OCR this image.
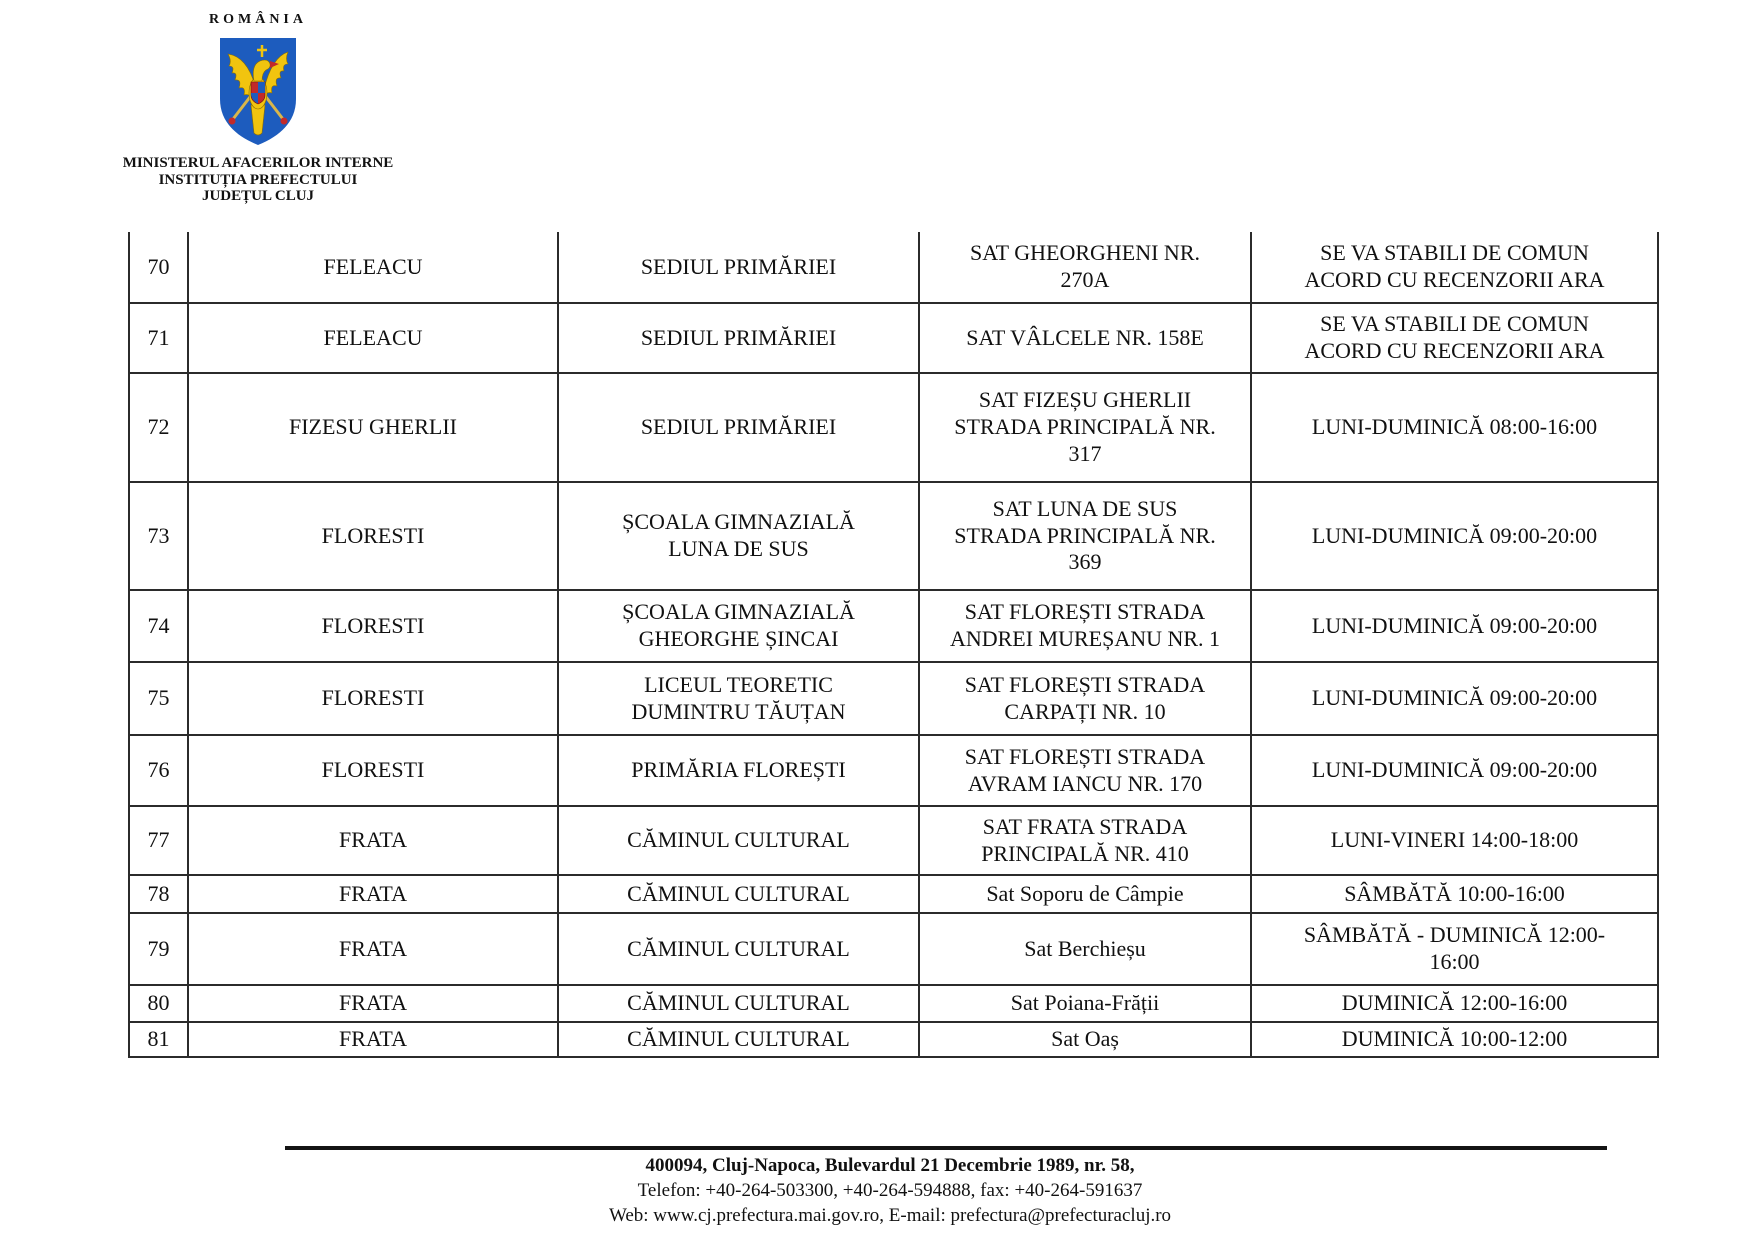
ROMÂNIA
MINISTERUL AFACERILOR INTERNE
INSTITUȚIA PREFECTULUI
JUDEȚUL CLUJ
70	FELEACU	SEDIUL PRIMĂRIEI	SAT GHEORGHENI NR. 270A	SE VA STABILI DE COMUN ACORD CU RECENZORII ARA

71	FELEACU	SEDIUL PRIMĂRIEI	SAT VÂLCELE NR. 158E	SE VA STABILI DE COMUN ACORD CU RECENZORII ARA

72	FIZESU GHERLII	SEDIUL PRIMĂRIEI	SAT FIZEȘU GHERLII STRADA PRINCIPALĂ NR. 317	LUNI-DUMINICĂ 08:00-16:00

73	FLORESTI	ȘCOALA GIMNAZIALĂ LUNA DE SUS	SAT LUNA DE SUS STRADA PRINCIPALĂ NR. 369	LUNI-DUMINICĂ 09:00-20:00

74	FLORESTI	ȘCOALA GIMNAZIALĂ GHEORGHE ȘINCAI	SAT FLOREȘTI STRADA ANDREI MUREȘANU NR. 1	LUNI-DUMINICĂ 09:00-20:00

75	FLORESTI	LICEUL TEORETIC DUMINTRU TĂUȚAN	SAT FLOREȘTI STRADA CARPAȚI NR. 10	LUNI-DUMINICĂ 09:00-20:00

76	FLORESTI	PRIMĂRIA FLOREȘTI	SAT FLOREȘTI STRADA AVRAM IANCU NR. 170	LUNI-DUMINICĂ 09:00-20:00

77	FRATA	CĂMINUL CULTURAL	SAT FRATA STRADA PRINCIPALĂ NR. 410	LUNI-VINERI 14:00-18:00

78	FRATA	CĂMINUL CULTURAL	Sat Soporu de Câmpie	SÂMBĂTĂ 10:00-16:00

79	FRATA	CĂMINUL CULTURAL	Sat Berchieșu	SÂMBĂTĂ - DUMINICĂ 12:00-16:00

80	FRATA	CĂMINUL CULTURAL	Sat Poiana-Frății	DUMINICĂ 12:00-16:00

81	FRATA	CĂMINUL CULTURAL	Sat Oaș	DUMINICĂ 10:00-12:00
400094, Cluj-Napoca, Bulevardul 21 Decembrie 1989, nr. 58,
Telefon: +40-264-503300, +40-264-594888, fax: +40-264-591637
Web: www.cj.prefectura.mai.gov.ro, E-mail: prefectura@prefecturacluj.ro
